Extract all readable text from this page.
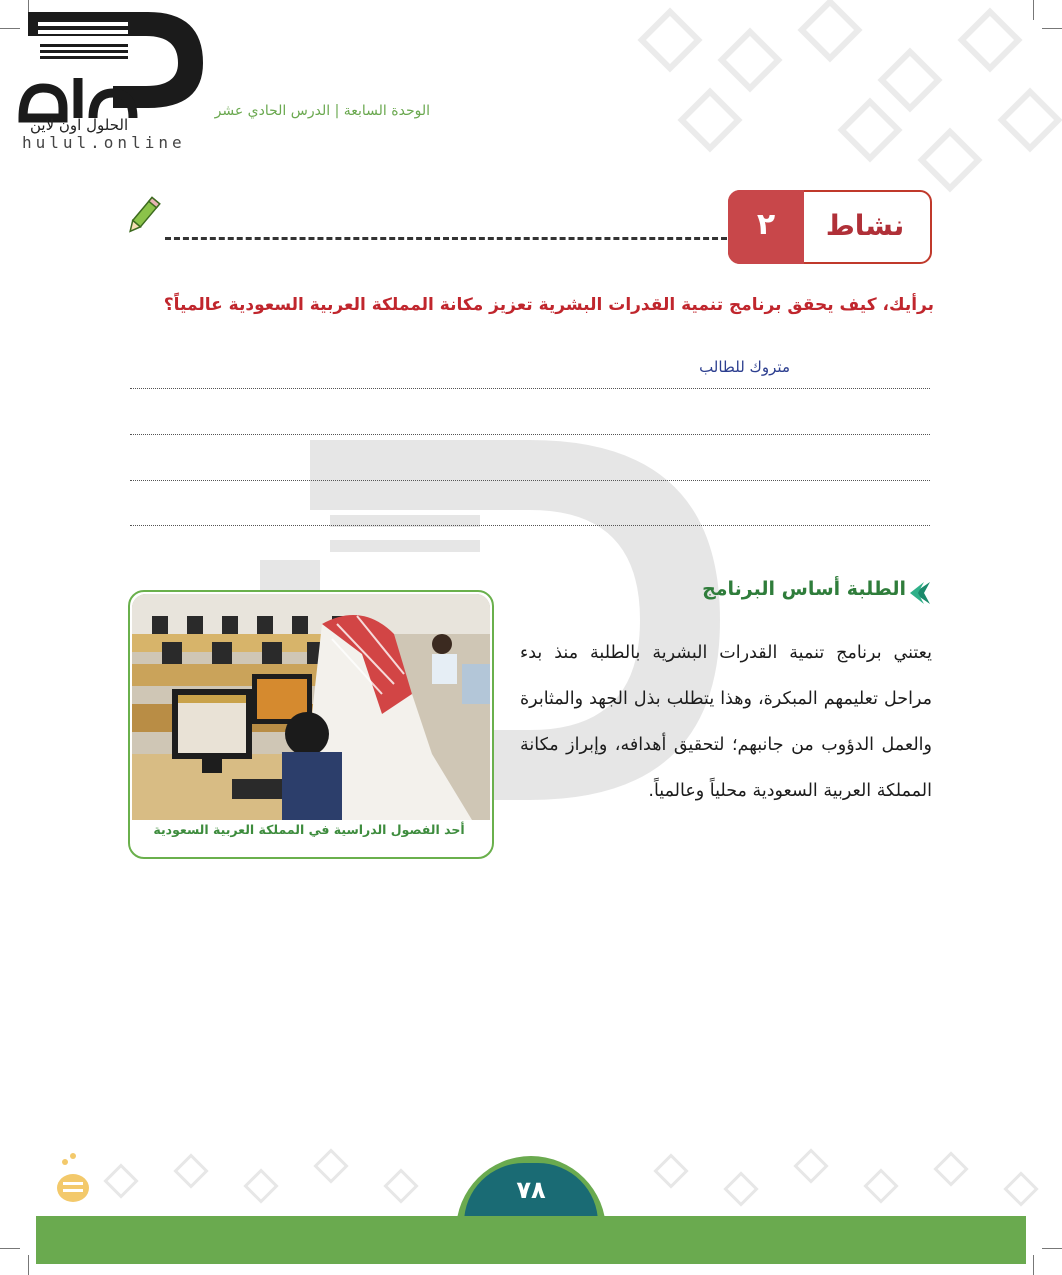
الحلول اون لاين
hulul.online
الوحدة السابعة | الدرس الحادي عشر
٢	نشاط
برأيك، كيف يحقق برنامج تنمية القدرات البشرية تعزيز مكانة المملكة العربية السعودية عالمياً؟
متروك للطالب
الطلبة أساس البرنامج
يعتني برنامج تنمية القدرات البشرية بالطلبة منذ بدء مراحل تعليمهم المبكرة، وهذا يتطلب بذل الجهد والمثابرة والعمل الدؤوب من جانبهم؛ لتحقيق أهدافه، وإبراز مكانة المملكة العربية السعودية محلياً وعالمياً.
أحد الفصول الدراسية في المملكة العربية السعودية
٧٨
